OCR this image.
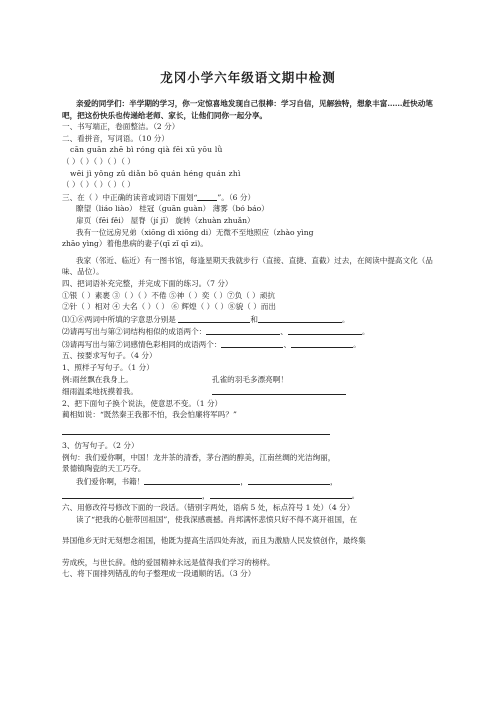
龙冈小学六年级语文期中检测
亲爱的同学们：半学期的学习，你一定惊喜地发现自己很棒：学习自信，见解独特，想象丰富……赶快动笔吧，把这份快乐也传递给老师、家长，让他们同你一起分享。
一、书写端正，卷面整洁。（2 分）
二、看拼音，写词语。（10 分）
cān guān zhē bì róng qià fēi xū yōu lǜ
（ ）（ ）（ ）（ ）（ ）
wēi jì yǒng zǔ diǎn bō quán héng quán zhì
（ ）（ ）（ ）（ ）（ ）
三、在（ ）中正确的读音或词语下面划“	”。（6 分）
瞭望（liáo liào） 桂冠（guān guàn） 薄雾（bó báo）
扉页（fēi fěi） 屋脊（jí jǐ） 旋转（zhuàn zhuǎn）
我有一位远房兄弟（xiōng dì xiōng di）无微不至地照应（zhào yìng
zhāo yìng）着他患病的妻子(qī zǐ qī zi)。
我家（邻近、临近）有一图书馆，每逢星期天我就步行（直接、直捷、直截）过去，在阅读中提高文化（品味、品位）。
四、把词语补充完整，并完成下面的练习。（7 分）
①银（ ）素裹 ③（ ）（ ）不倦 ⑤神（ ）奕（ ）⑦负（ ）顽抗
②针（ ）相对 ④ 大名（ ）（ ） ⑥ 辉煌（ ）（ ）⑧貌（ ）而出
⑴①⑥两词中所填的字意思分别是	和	。
⑵请再写出与第②词结构相似的成语两个：	、	。
⑶请再写出与第⑦词感情色彩相同的成语两个：	、	。
五、按要求写句子。（4 分）
1、照样子写句子。（1 分）
例:雨丝飘在我身上。	孔雀的羽毛多漂亮啊！
细雨温柔地抚摸着我。
2、把下面句子换个说法，使意思不变。（1 分）
蔺相如说：“既然秦王我都不怕，我会怕廉将军吗？”
3、仿写句子。（2 分）
例句：我们爱你啊，中国！龙井茶的清香，茅台酒的醇美，江南丝绸的光洁绚丽，
景德镇陶瓷的天工巧夺。
我们爱你啊，书籍！	，	，
，	。
六、用修改符号修改下面的一段话。（错别字两处，语病 5 处，标点符号 1 处）（4 分）
读了“把我的心脏带回祖国”，使我深感震撼。肖邦满怀悲愤只好不得不离开祖国，在
异国他乡无时无刻想念祖国，他既为提高生活四处奔波，而且为激励人民发愤创作，最终集
劳成疾，与世长辞。他的爱国精神永远是值得我们学习的榜样。
七、将下面排列错乱的句子整理成一段通顺的话。（3 分）
